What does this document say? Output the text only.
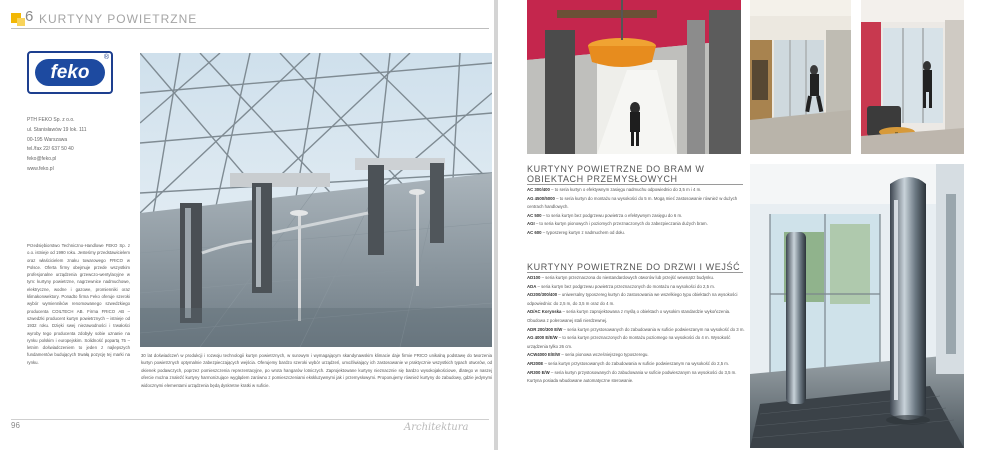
6 KURTYNY POWIETRZNE
feko
®
PTH FEKO Sp. z o.o.
ul. Stanisławów 19 lok. 111
00-195 Warszawa
tel./fax 22/ 637 50 40
feko@feko.pl
www.feko.pl
Przedsiębiorstwo Techniczno-Handlowe FEKO Sp. z o.o. istnieje od 1990 roku. Jesteśmy przedstawicielem oraz właścicielem znaku towarowego FRICO w Polsce. Oferta firmy obejmuje przede wszystkim profesjonalne urządzenia grzewczo-wentylacyjne w tym: kurtyny powietrzne, nagrzewnice nadmuchowe, elektryczne, wodne i gazowe, promienniki oraz klimakonwektory. Ponadto firma Feko oferuje szeroki wybór wymienników renomowanego szwedzkiego producenta COILTECH AB. Firma FRICO AB – szwedzki producent kurtyn powietrznych – istnieje od 1932 roku. Dzięki swej niezawodności i trwałości wyroby tego producenta zdobyły sobie uznanie na rynku polskim i europejskim. Solidność popartą 75 – letnim doświadczeniem to jeden z najlepszych fundamentów budujących trwałą pozycję tej marki na rynku.
30 lat doświadczeń w produkcji i rozwoju technologii kurtyn powietrznych, w surowym i wymagającym skandynawskim klimacie daje firmie FRICO unikalną podstawę do tworzenia kurtyn powietrznych optymalnie zabezpieczających wejścia. Oferujemy bardzo szeroki wybór urządzeń, umożliwiający ich zastosowanie w praktycznie wszystkich typach otworów, od okienek podawczych, poprzez pomieszczenia reprezentacyjne, po wrota hangarów lotniczych. Zaprojektowane kurtyny nieznacznie się bardzo wysokojakościowe, dlatego w naszej ofercie można znaleźć kurtyny harmonizujące wyglądem zarówno z pomieszczeniami ekskluzywnymi jak i przemysłowymi. Proponujemy również kurtyny do zabudowy, gdzie jedynymi widocznymi elementami urządzenia będą dyskretne kratki w suficie.
96	Architektura
KURTYNY POWIETRZNE DO BRAM W OBIEKTACH PRZEMYSŁOWYCH

AC 300/400 – to seria kurtyn o efektywnym zasięgu nadmuchu odpowiednio do 3,5 m i 4 m.

AG 4500/5000 – to seria kurtyn do montażu na wysokości do 5 m. Mogą mieć zastosowanie również w dużych centrach handlowych.

AC 500 – to seria kurtyn bez podgrzewu powietrza o efektywnym zasięgu do 6 m.

AGI – to seria kurtyn pionowych i poziomych przeznaczonych do zabezpieczania dużych bram.

AC 600 – typoszereg kurtyn z nadmuchem od dołu.

KURTYNY POWIETRZNE DO DRZWI I WEJŚĆ

AD100 – seria kurtyn przeznaczona do niestandardowych otworów lub przejść wewnątrz budynku.

ADA – seria kurtyn bez podgrzewu powietrza przeznaczonych do montażu na wysokości do 2,5 m.

AD200/300/400 – uniwersalny typoszereg kurtyn do zastosowania we wszelkiego typu obiektach na wysokości odpowiednio: do 2,5 m, do 3,5 m oraz do 4 m.

AD/AC Korynska – seria kurtyn zaprojektowana z myślą o obiektach o wysokim standardzie wykończenia. Obudowa z polerowanej stali nierdzewnej.

ADR 200/300 E/W – seria kurtyn przystosowanych do zabudowania w suficie podwieszanym na wysokość do 3 m.

AG 4000 E/E/W – to seria kurtyn przeznaczonych do montażu poziomego na wysokości do 4 m. Wysokość urządzenia tylko 26 cm.

ACW4000 E/E/W – seria pionowa wcześniejszego typoszeregu.

AR200E – seria kurtyn przystosowanych do zabudowania w suficie podwieszanym na wysokość do 2,5 m.

AR300 E/W – seria kurtyn przystosowanych do zabudowania w suficie podwieszanym na wysokości do 3,5 m. Kurtyna posiada wbudowane automatyczne sterowanie.
